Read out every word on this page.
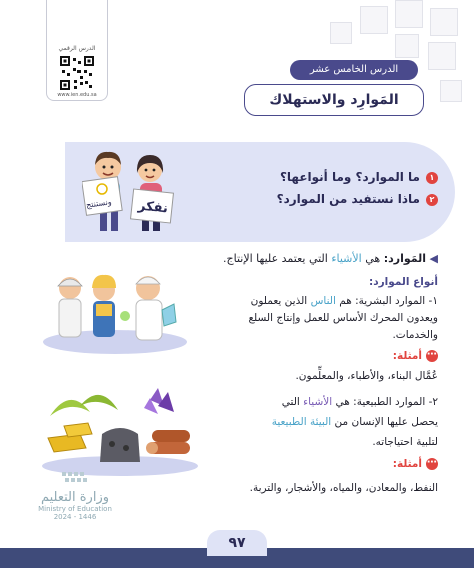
الدرس الرقمي
www.ien.edu.sa
الدرس الخامس عشر
المَوارِد والاستهلاك
ونستنتج نفكر
١ما الموارد؟ وما أنواعها؟
٢ماذا نستفيد من الموارد؟
◀ المَوارد: هي الأشياء التي يعتمد عليها الإنتاج.
أنواع الموارد:
١- الموارد البشرية: هم الناس الذين يعملون
ويعدون المحرك الأساس للعمل وإنتاج السلع
والخدمات.
⋯أمثلة:
عُمَّال البناء، والأطباء، والمعلِّمون.
٢- الموارد الطبيعية: هي الأشياء التي
يحصل عليها الإنسان من البيئة الطبيعية
لتلبية احتياجاته.
⋯أمثلة:
النفط، والمعادن، والمياه، والأشجار، والتربة.
وزارة التعليم
Ministry of Education
2024 - 1446
٩٧
